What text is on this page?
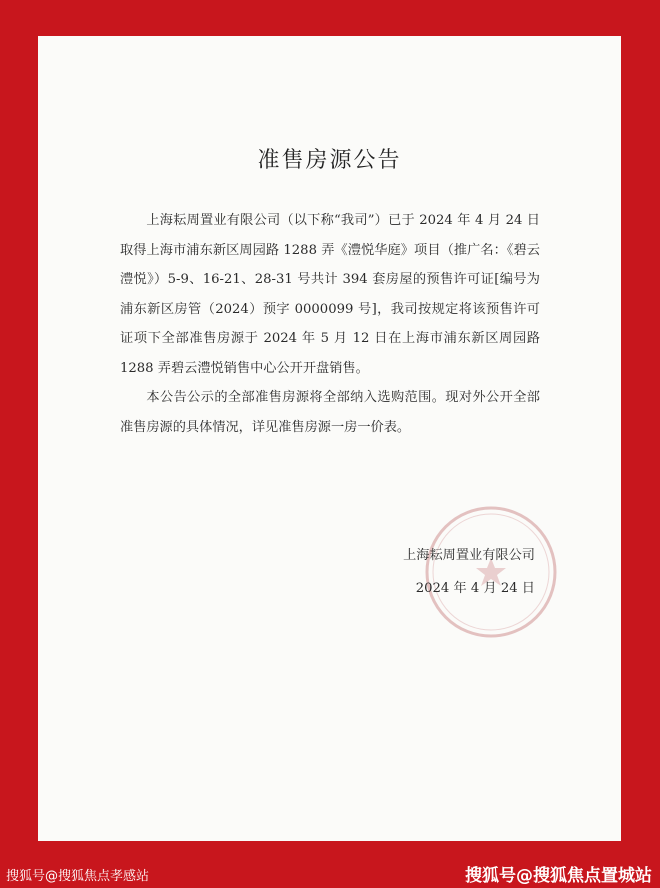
准售房源公告

上海耘周置业有限公司（以下称“我司”）已于 2024 年 4 月 24 日取得上海市浦东新区周园路 1288 弄《澧悦华庭》项目（推广名：《碧云澧悦》）5-9、16-21、28-31 号共计 394 套房屋的预售许可证[编号为浦东新区房管（2024）预字 0000099 号]，我司按规定将该预售许可证项下全部准售房源于 2024 年 5 月 12 日在上海市浦东新区周园路 1288 弄碧云澧悦销售中心公开开盘销售。

本公告公示的全部准售房源将全部纳入选购范围。现对外公开全部准售房源的具体情况，详见准售房源一房一价表。

上海耘周置业有限公司
2024 年 4 月 24 日
搜狐号@搜狐焦点孝感站	搜狐号@搜狐焦点置城站
